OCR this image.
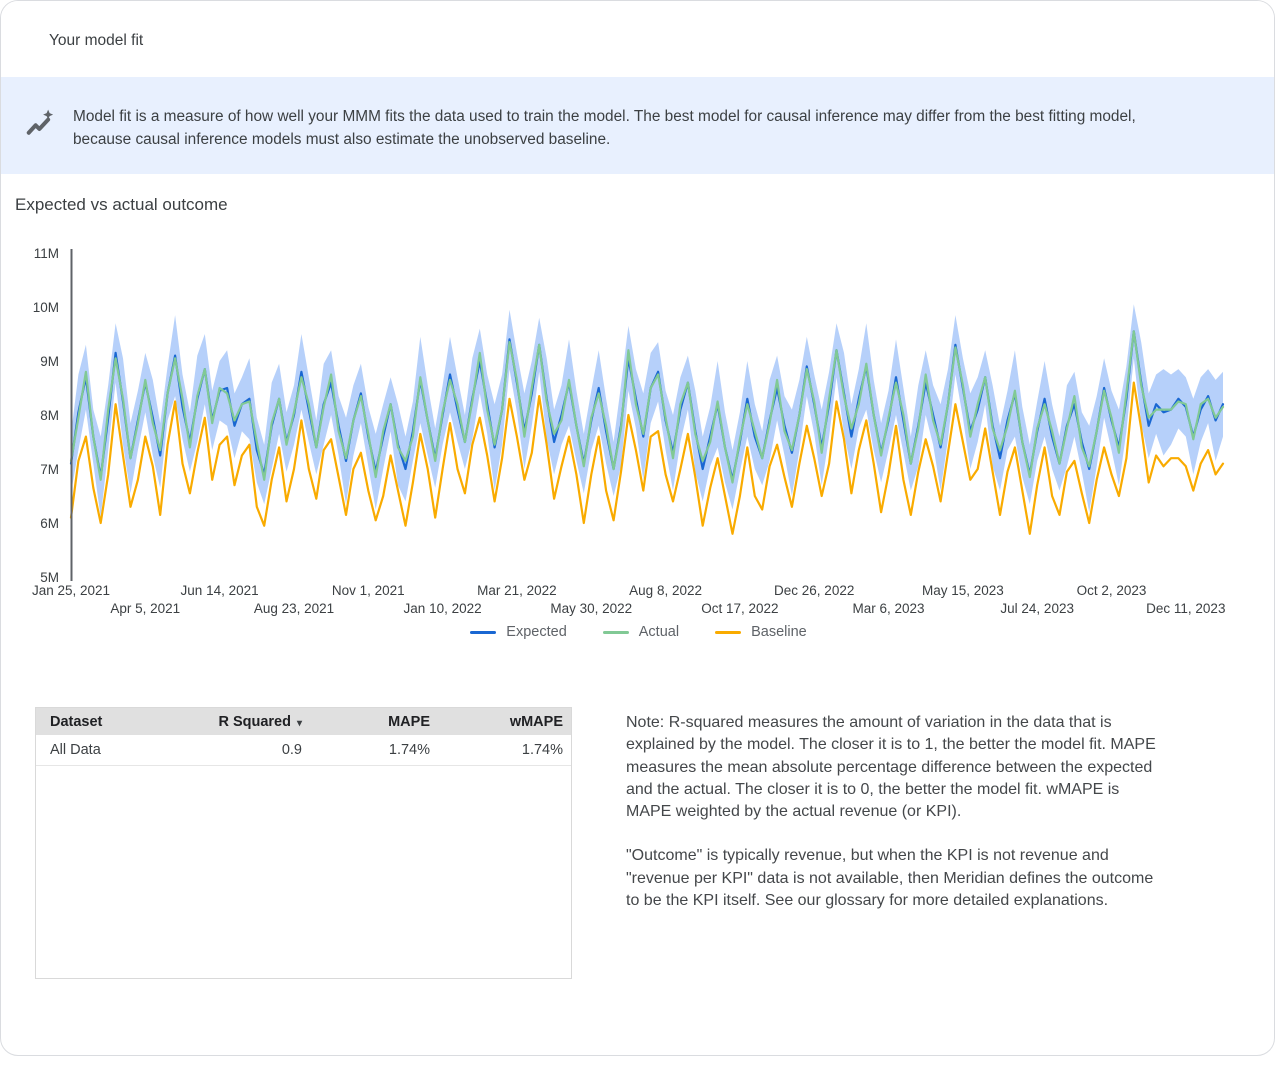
Your model fit
Model fit is a measure of how well your MMM fits the data used to train the model. The best model for causal inference may differ from the best fitting model, because causal inference models must also estimate the unobserved baseline.
Expected vs actual outcome
11M
10M
9M
8M
7M
6M
5M
Jan 25, 2021
Apr 5, 2021
Jun 14, 2021
Aug 23, 2021
Nov 1, 2021
Jan 10, 2022
Mar 21, 2022
May 30, 2022
Aug 8, 2022
Oct 17, 2022
Dec 26, 2022
Mar 6, 2023
May 15, 2023
Jul 24, 2023
Oct 2, 2023
Dec 11, 2023
Expected	Actual	Baseline
Dataset	R Squared ▾	MAPE	wMAPE
All Data	0.9	1.74%	1.74%

Note: R-squared measures the amount of variation in the data that is explained by the model. The closer it is to 1, the better the model fit. MAPE measures the mean absolute percentage difference between the expected and the actual. The closer it is to 0, the better the model fit. wMAPE is MAPE weighted by the actual revenue (or KPI).

"Outcome" is typically revenue, but when the KPI is not revenue and "revenue per KPI" data is not available, then Meridian defines the outcome to be the KPI itself. See our glossary for more detailed explanations.
